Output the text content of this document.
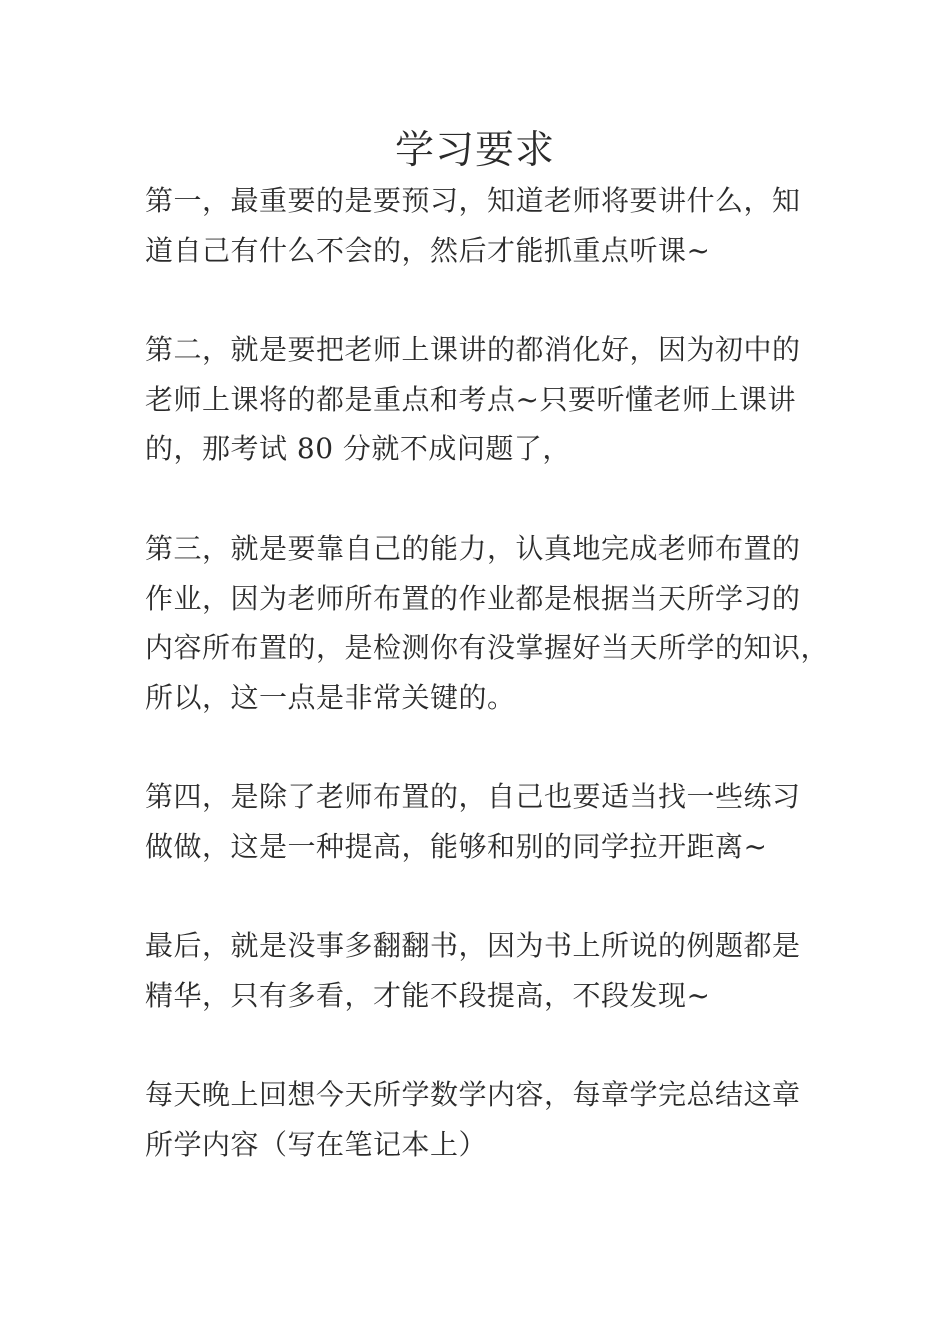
学习要求
第一，最重要的是要预习，知道老师将要讲什么，知
道自己有什么不会的，然后才能抓重点听课~
第二，就是要把老师上课讲的都消化好，因为初中的
老师上课将的都是重点和考点~只要听懂老师上课讲
的，那考试 80 分就不成问题了，
第三，就是要靠自己的能力，认真地完成老师布置的
作业，因为老师所布置的作业都是根据当天所学习的
内容所布置的，是检测你有没掌握好当天所学的知识，
所以，这一点是非常关键的。
第四，是除了老师布置的，自己也要适当找一些练习
做做，这是一种提高，能够和别的同学拉开距离~
最后，就是没事多翻翻书，因为书上所说的例题都是
精华，只有多看，才能不段提高，不段发现~
每天晚上回想今天所学数学内容，每章学完总结这章
所学内容（写在笔记本上）
